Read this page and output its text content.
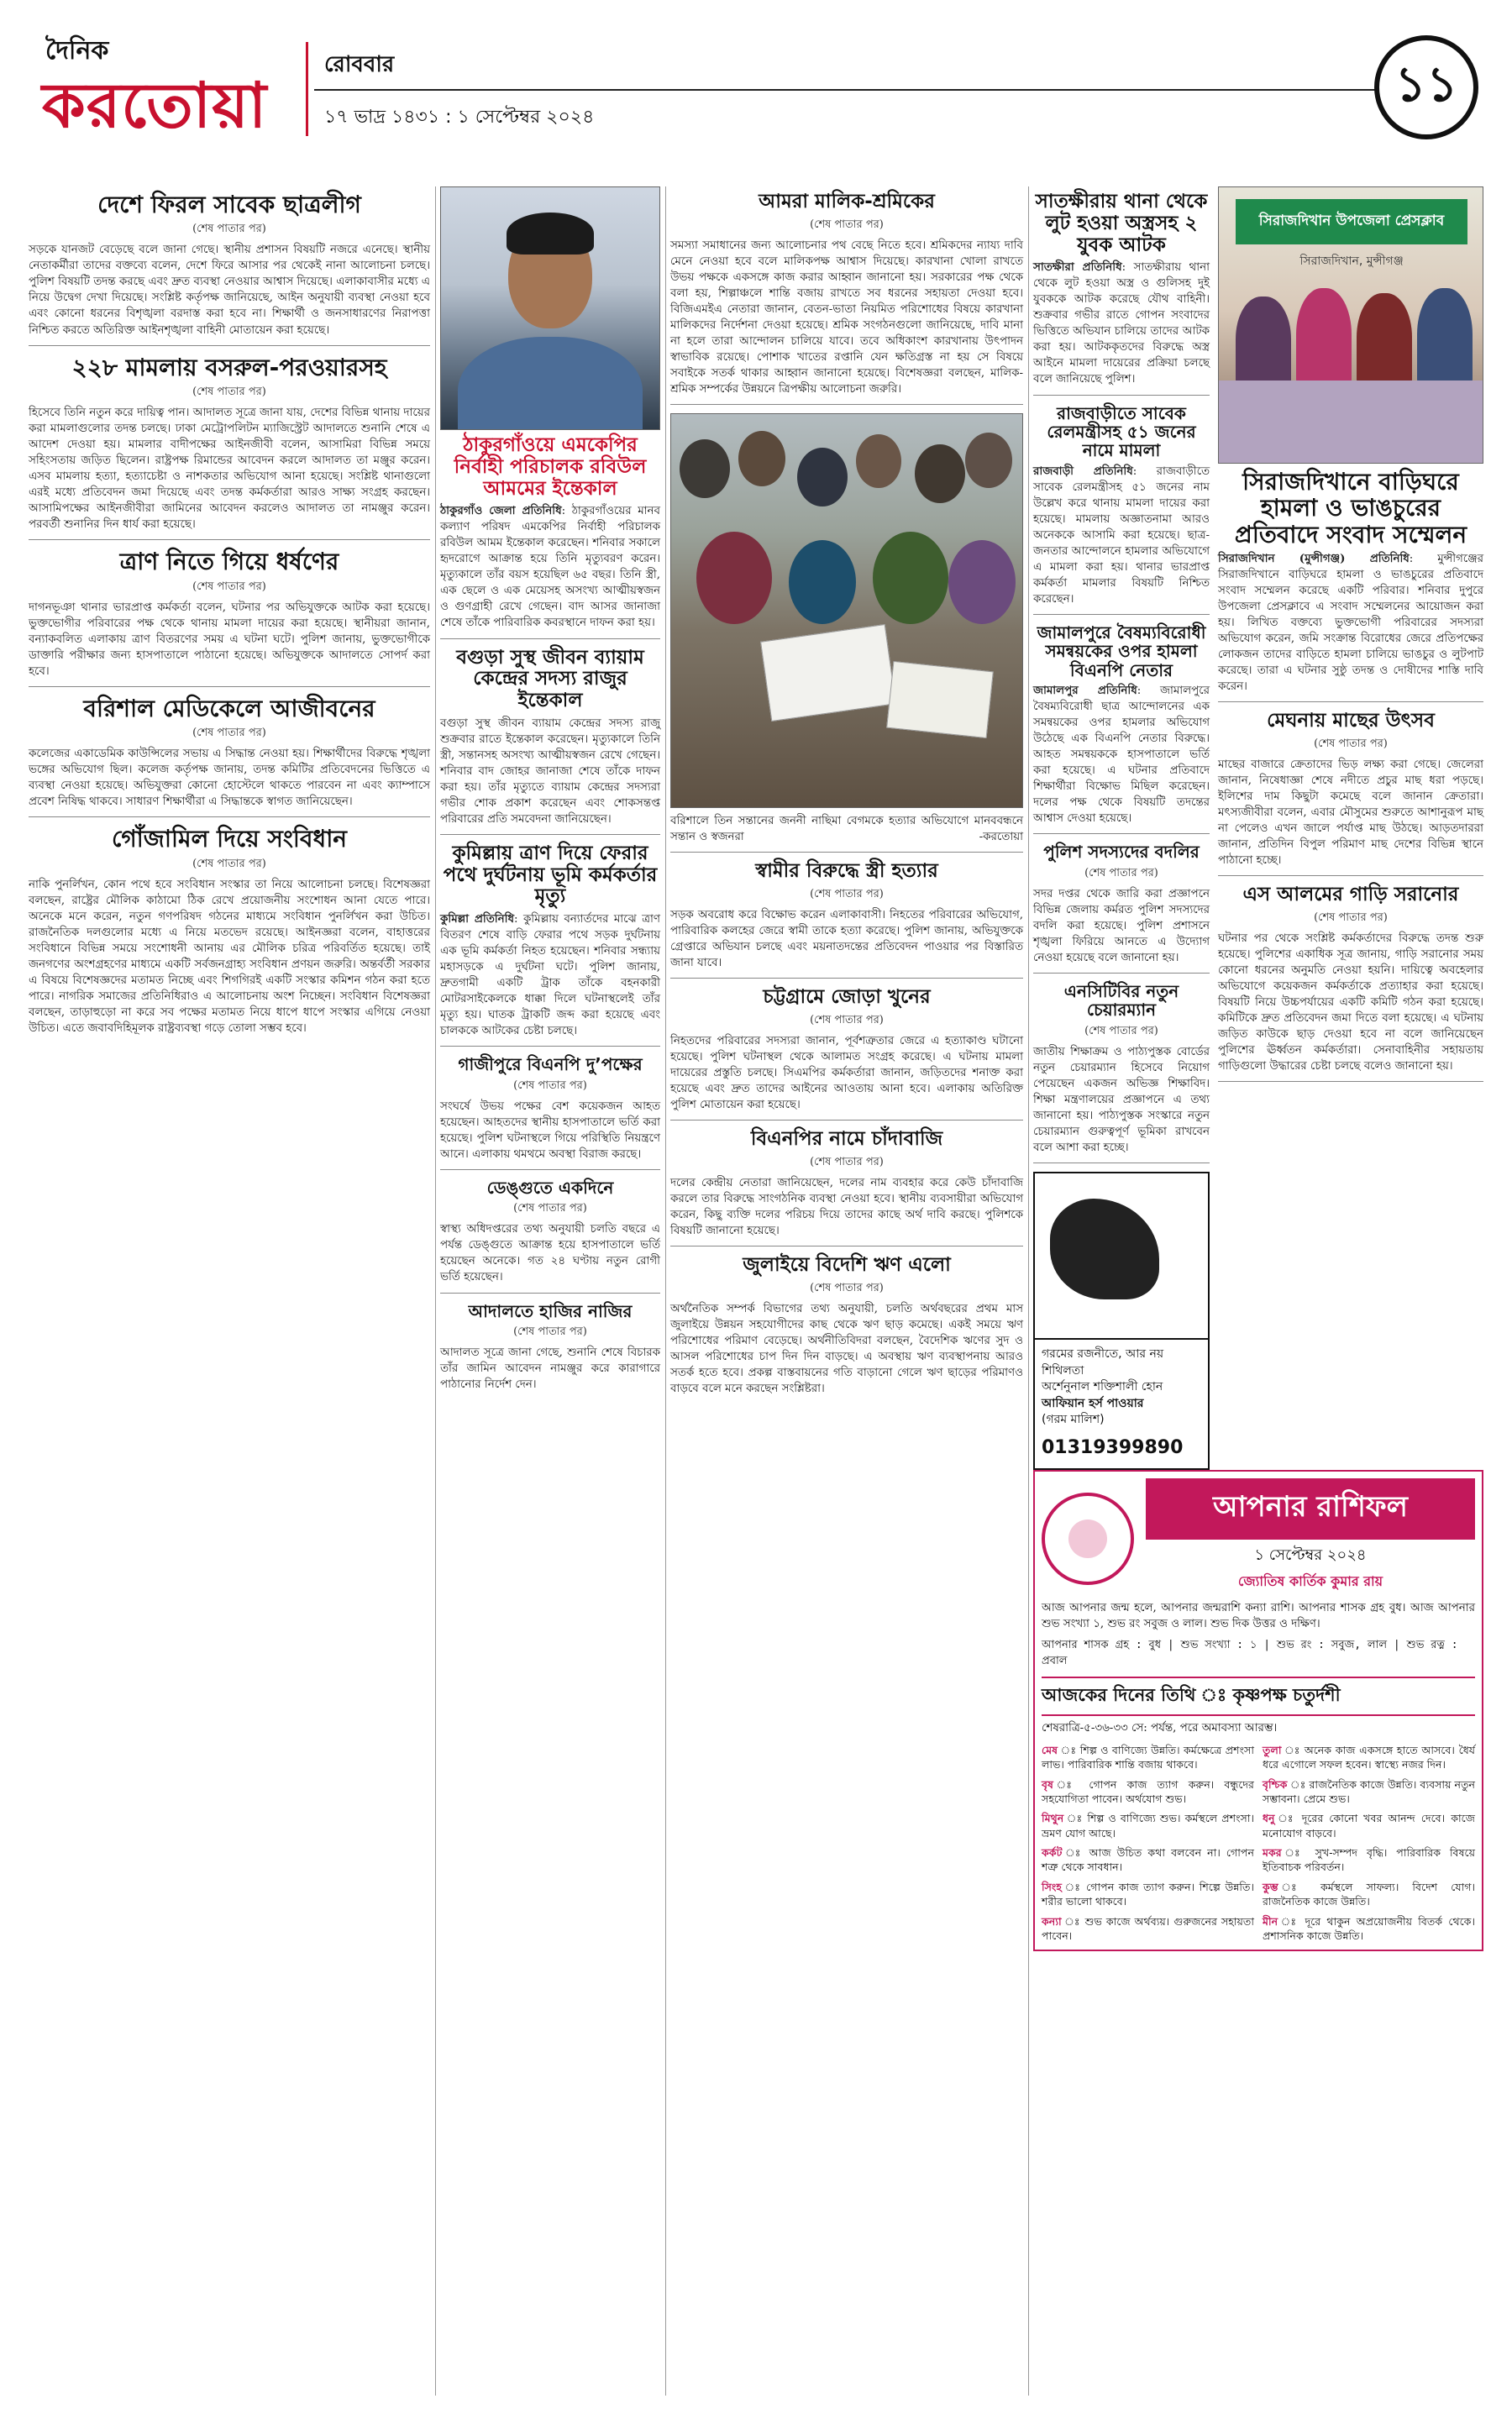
দৈনিক
করতোয়া
রোববার
১৭ ভাদ্র ১৪৩১ : ১ সেপ্টেম্বর ২০২৪
১১
দেশে ফিরল সাবেক ছাত্রলীগ
(শেষ পাতার পর)
সড়কে যানজট বেড়েছে বলে জানা গেছে। স্থানীয় প্রশাসন বিষয়টি নজরে এনেছে। স্থানীয় নেতাকর্মীরা তাদের বক্তব্যে বলেন, দেশে ফিরে আসার পর থেকেই নানা আলোচনা চলছে। পুলিশ বিষয়টি তদন্ত করছে এবং দ্রুত ব্যবস্থা নেওয়ার আশ্বাস দিয়েছে। এলাকাবাসীর মধ্যে এ নিয়ে উদ্বেগ দেখা দিয়েছে। সংশ্লিষ্ট কর্তৃপক্ষ জানিয়েছে, আইন অনুযায়ী ব্যবস্থা নেওয়া হবে এবং কোনো ধরনের বিশৃঙ্খলা বরদাস্ত করা হবে না। শিক্ষার্থী ও জনসাধারণের নিরাপত্তা নিশ্চিত করতে অতিরিক্ত আইনশৃঙ্খলা বাহিনী মোতায়েন করা হয়েছে।
২২৮ মামলায় বসরুল-পরওয়ারসহ
(শেষ পাতার পর)
হিসেবে তিনি নতুন করে দায়িত্ব পান। আদালত সূত্রে জানা যায়, দেশের বিভিন্ন থানায় দায়ের করা মামলাগুলোর তদন্ত চলছে। ঢাকা মেট্রোপলিটন ম্যাজিস্ট্রেট আদালতে শুনানি শেষে এ আদেশ দেওয়া হয়। মামলার বাদীপক্ষের আইনজীবী বলেন, আসামিরা বিভিন্ন সময়ে সহিংসতায় জড়িত ছিলেন। রাষ্ট্রপক্ষ রিমান্ডের আবেদন করলে আদালত তা মঞ্জুর করেন। এসব মামলায় হত্যা, হত্যাচেষ্টা ও নাশকতার অভিযোগ আনা হয়েছে। সংশ্লিষ্ট থানাগুলো এরই মধ্যে প্রতিবেদন জমা দিয়েছে এবং তদন্ত কর্মকর্তারা আরও সাক্ষ্য সংগ্রহ করছেন। আসামিপক্ষের আইনজীবীরা জামিনের আবেদন করলেও আদালত তা নামঞ্জুর করেন। পরবর্তী শুনানির দিন ধার্য করা হয়েছে।
ত্রাণ নিতে গিয়ে ধর্ষণের
(শেষ পাতার পর)
দাগনভূঞা থানার ভারপ্রাপ্ত কর্মকর্তা বলেন, ঘটনার পর অভিযুক্তকে আটক করা হয়েছে। ভুক্তভোগীর পরিবারের পক্ষ থেকে থানায় মামলা দায়ের করা হয়েছে। স্থানীয়রা জানান, বন্যাকবলিত এলাকায় ত্রাণ বিতরণের সময় এ ঘটনা ঘটে। পুলিশ জানায়, ভুক্তভোগীকে ডাক্তারি পরীক্ষার জন্য হাসপাতালে পাঠানো হয়েছে। অভিযুক্তকে আদালতে সোপর্দ করা হবে।
বরিশাল মেডিকেলে আজীবনের
(শেষ পাতার পর)
কলেজের একাডেমিক কাউন্সিলের সভায় এ সিদ্ধান্ত নেওয়া হয়। শিক্ষার্থীদের বিরুদ্ধে শৃঙ্খলা ভঙ্গের অভিযোগ ছিল। কলেজ কর্তৃপক্ষ জানায়, তদন্ত কমিটির প্রতিবেদনের ভিত্তিতে এ ব্যবস্থা নেওয়া হয়েছে। অভিযুক্তরা কোনো হোস্টেলে থাকতে পারবেন না এবং ক্যাম্পাসে প্রবেশ নিষিদ্ধ থাকবে। সাধারণ শিক্ষার্থীরা এ সিদ্ধান্তকে স্বাগত জানিয়েছেন।
গোঁজামিল দিয়ে সংবিধান
(শেষ পাতার পর)
নাকি পুনর্লিখন, কোন পথে হবে সংবিধান সংস্কার তা নিয়ে আলোচনা চলছে। বিশেষজ্ঞরা বলছেন, রাষ্ট্রের মৌলিক কাঠামো ঠিক রেখে প্রয়োজনীয় সংশোধন আনা যেতে পারে। অনেকে মনে করেন, নতুন গণপরিষদ গঠনের মাধ্যমে সংবিধান পুনর্লিখন করা উচিত। রাজনৈতিক দলগুলোর মধ্যে এ নিয়ে মতভেদ রয়েছে। আইনজ্ঞরা বলেন, বাহাত্তরের সংবিধানে বিভিন্ন সময়ে সংশোধনী আনায় এর মৌলিক চরিত্র পরিবর্তিত হয়েছে। তাই জনগণের অংশগ্রহণের মাধ্যমে একটি সর্বজনগ্রাহ্য সংবিধান প্রণয়ন জরুরি। অন্তর্বর্তী সরকার এ বিষয়ে বিশেষজ্ঞদের মতামত নিচ্ছে এবং শিগগিরই একটি সংস্কার কমিশন গঠন করা হতে পারে। নাগরিক সমাজের প্রতিনিধিরাও এ আলোচনায় অংশ নিচ্ছেন। সংবিধান বিশেষজ্ঞরা বলছেন, তাড়াহুড়ো না করে সব পক্ষের মতামত নিয়ে ধাপে ধাপে সংস্কার এগিয়ে নেওয়া উচিত। এতে জবাবদিহিমূলক রাষ্ট্রব্যবস্থা গড়ে তোলা সম্ভব হবে।
ঠাকুরগাঁওয়ে এমকেপির নির্বাহী পরিচালক রবিউল আমমের ইন্তেকাল
ঠাকুরগাঁও জেলা প্রতিনিধি: ঠাকুরগাঁওয়ের মানব কল্যাণ পরিষদ এমকেপির নির্বাহী পরিচালক রবিউল আমম ইন্তেকাল করেছেন। শনিবার সকালে হৃদরোগে আক্রান্ত হয়ে তিনি মৃত্যুবরণ করেন। মৃত্যুকালে তাঁর বয়স হয়েছিল ৬৫ বছর। তিনি স্ত্রী, এক ছেলে ও এক মেয়েসহ অসংখ্য আত্মীয়স্বজন ও গুণগ্রাহী রেখে গেছেন। বাদ আসর জানাজা শেষে তাঁকে পারিবারিক কবরস্থানে দাফন করা হয়।
বগুড়া সুস্থ জীবন ব্যায়াম কেন্দ্রের সদস্য রাজুর ইন্তেকাল
বগুড়া সুস্থ জীবন ব্যায়াম কেন্দ্রের সদস্য রাজু শুক্রবার রাতে ইন্তেকাল করেছেন। মৃত্যুকালে তিনি স্ত্রী, সন্তানসহ অসংখ্য আত্মীয়স্বজন রেখে গেছেন। শনিবার বাদ জোহর জানাজা শেষে তাঁকে দাফন করা হয়। তাঁর মৃত্যুতে ব্যায়াম কেন্দ্রের সদস্যরা গভীর শোক প্রকাশ করেছেন এবং শোকসন্তপ্ত পরিবারের প্রতি সমবেদনা জানিয়েছেন।
কুমিল্লায় ত্রাণ দিয়ে ফেরার পথে দুর্ঘটনায় ভূমি কর্মকর্তার মৃত্যু
কুমিল্লা প্রতিনিধি: কুমিল্লায় বন্যার্তদের মাঝে ত্রাণ বিতরণ শেষে বাড়ি ফেরার পথে সড়ক দুর্ঘটনায় এক ভূমি কর্মকর্তা নিহত হয়েছেন। শনিবার সন্ধ্যায় মহাসড়কে এ দুর্ঘটনা ঘটে। পুলিশ জানায়, দ্রুতগামী একটি ট্রাক তাঁকে বহনকারী মোটরসাইকেলকে ধাক্কা দিলে ঘটনাস্থলেই তাঁর মৃত্যু হয়। ঘাতক ট্রাকটি জব্দ করা হয়েছে এবং চালককে আটকের চেষ্টা চলছে।
গাজীপুরে বিএনপি দু’পক্ষের
(শেষ পাতার পর)
সংঘর্ষে উভয় পক্ষের বেশ কয়েকজন আহত হয়েছেন। আহতদের স্থানীয় হাসপাতালে ভর্তি করা হয়েছে। পুলিশ ঘটনাস্থলে গিয়ে পরিস্থিতি নিয়ন্ত্রণে আনে। এলাকায় থমথমে অবস্থা বিরাজ করছে।
ডেঙ্গুতে একদিনে
(শেষ পাতার পর)
স্বাস্থ্য অধিদপ্তরের তথ্য অনুযায়ী চলতি বছরে এ পর্যন্ত ডেঙ্গুতে আক্রান্ত হয়ে হাসপাতালে ভর্তি হয়েছেন অনেকে। গত ২৪ ঘণ্টায় নতুন রোগী ভর্তি হয়েছেন।
আদালতে হাজির নাজির
(শেষ পাতার পর)
আদালত সূত্রে জানা গেছে, শুনানি শেষে বিচারক তাঁর জামিন আবেদন নামঞ্জুর করে কারাগারে পাঠানোর নির্দেশ দেন।
আমরা মালিক-শ্রমিকের
(শেষ পাতার পর)
সমস্যা সমাধানের জন্য আলোচনার পথ বেছে নিতে হবে। শ্রমিকদের ন্যায্য দাবি মেনে নেওয়া হবে বলে মালিকপক্ষ আশ্বাস দিয়েছে। কারখানা খোলা রাখতে উভয় পক্ষকে একসঙ্গে কাজ করার আহ্বান জানানো হয়। সরকারের পক্ষ থেকে বলা হয়, শিল্পাঞ্চলে শান্তি বজায় রাখতে সব ধরনের সহায়তা দেওয়া হবে। বিজিএমইএ নেতারা জানান, বেতন-ভাতা নিয়মিত পরিশোধের বিষয়ে কারখানা মালিকদের নির্দেশনা দেওয়া হয়েছে। শ্রমিক সংগঠনগুলো জানিয়েছে, দাবি মানা না হলে তারা আন্দোলন চালিয়ে যাবে। তবে অধিকাংশ কারখানায় উৎপাদন স্বাভাবিক রয়েছে। পোশাক খাতের রপ্তানি যেন ক্ষতিগ্রস্ত না হয় সে বিষয়ে সবাইকে সতর্ক থাকার আহ্বান জানানো হয়েছে। বিশেষজ্ঞরা বলছেন, মালিক-শ্রমিক সম্পর্কের উন্নয়নে ত্রিপক্ষীয় আলোচনা জরুরি।
বরিশালে তিন সন্তানের জননী নাছিমা বেগমকে হত্যার অভিযোগে মানববন্ধনে সন্তান ও স্বজনরা	-করতোয়া
স্বামীর বিরুদ্ধে স্ত্রী হত্যার
(শেষ পাতার পর)
সড়ক অবরোধ করে বিক্ষোভ করেন এলাকাবাসী। নিহতের পরিবারের অভিযোগ, পারিবারিক কলহের জেরে স্বামী তাকে হত্যা করেছে। পুলিশ জানায়, অভিযুক্তকে গ্রেপ্তারে অভিযান চলছে এবং ময়নাতদন্তের প্রতিবেদন পাওয়ার পর বিস্তারিত জানা যাবে।
চট্টগ্রামে জোড়া খুনের
(শেষ পাতার পর)
নিহতদের পরিবারের সদস্যরা জানান, পূর্বশত্রুতার জেরে এ হত্যাকাণ্ড ঘটানো হয়েছে। পুলিশ ঘটনাস্থল থেকে আলামত সংগ্রহ করেছে। এ ঘটনায় মামলা দায়েরের প্রস্তুতি চলছে। সিএমপির কর্মকর্তারা জানান, জড়িতদের শনাক্ত করা হয়েছে এবং দ্রুত তাদের আইনের আওতায় আনা হবে। এলাকায় অতিরিক্ত পুলিশ মোতায়েন করা হয়েছে।
বিএনপির নামে চাঁদাবাজি
(শেষ পাতার পর)
দলের কেন্দ্রীয় নেতারা জানিয়েছেন, দলের নাম ব্যবহার করে কেউ চাঁদাবাজি করলে তার বিরুদ্ধে সাংগঠনিক ব্যবস্থা নেওয়া হবে। স্থানীয় ব্যবসায়ীরা অভিযোগ করেন, কিছু ব্যক্তি দলের পরিচয় দিয়ে তাদের কাছে অর্থ দাবি করছে। পুলিশকে বিষয়টি জানানো হয়েছে।
জুলাইয়ে বিদেশি ঋণ এলো
(শেষ পাতার পর)
অর্থনৈতিক সম্পর্ক বিভাগের তথ্য অনুযায়ী, চলতি অর্থবছরের প্রথম মাস জুলাইয়ে উন্নয়ন সহযোগীদের কাছ থেকে ঋণ ছাড় কমেছে। একই সময়ে ঋণ পরিশোধের পরিমাণ বেড়েছে। অর্থনীতিবিদরা বলছেন, বৈদেশিক ঋণের সুদ ও আসল পরিশোধের চাপ দিন দিন বাড়ছে। এ অবস্থায় ঋণ ব্যবস্থাপনায় আরও সতর্ক হতে হবে। প্রকল্প বাস্তবায়নের গতি বাড়ানো গেলে ঋণ ছাড়ের পরিমাণও বাড়বে বলে মনে করছেন সংশ্লিষ্টরা।
সাতক্ষীরায় থানা থেকে লুট হওয়া অস্ত্রসহ ২ যুবক আটক
সাতক্ষীরা প্রতিনিধি: সাতক্ষীরায় থানা থেকে লুট হওয়া অস্ত্র ও গুলিসহ দুই যুবককে আটক করেছে যৌথ বাহিনী। শুক্রবার গভীর রাতে গোপন সংবাদের ভিত্তিতে অভিযান চালিয়ে তাদের আটক করা হয়। আটককৃতদের বিরুদ্ধে অস্ত্র আইনে মামলা দায়েরের প্রক্রিয়া চলছে বলে জানিয়েছে পুলিশ।
রাজবাড়ীতে সাবেক রেলমন্ত্রীসহ ৫১ জনের নামে মামলা
রাজবাড়ী প্রতিনিধি: রাজবাড়ীতে সাবেক রেলমন্ত্রীসহ ৫১ জনের নাম উল্লেখ করে থানায় মামলা দায়ের করা হয়েছে। মামলায় অজ্ঞাতনামা আরও অনেককে আসামি করা হয়েছে। ছাত্র-জনতার আন্দোলনে হামলার অভিযোগে এ মামলা করা হয়। থানার ভারপ্রাপ্ত কর্মকর্তা মামলার বিষয়টি নিশ্চিত করেছেন।
জামালপুরে বৈষম্যবিরোধী সমন্বয়কের ওপর হামলা বিএনপি নেতার
জামালপুর প্রতিনিধি: জামালপুরে বৈষম্যবিরোধী ছাত্র আন্দোলনের এক সমন্বয়কের ওপর হামলার অভিযোগ উঠেছে এক বিএনপি নেতার বিরুদ্ধে। আহত সমন্বয়ককে হাসপাতালে ভর্তি করা হয়েছে। এ ঘটনার প্রতিবাদে শিক্ষার্থীরা বিক্ষোভ মিছিল করেছেন। দলের পক্ষ থেকে বিষয়টি তদন্তের আশ্বাস দেওয়া হয়েছে।
পুলিশ সদস্যদের বদলির
(শেষ পাতার পর)
সদর দপ্তর থেকে জারি করা প্রজ্ঞাপনে বিভিন্ন জেলায় কর্মরত পুলিশ সদস্যদের বদলি করা হয়েছে। পুলিশ প্রশাসনে শৃঙ্খলা ফিরিয়ে আনতে এ উদ্যোগ নেওয়া হয়েছে বলে জানানো হয়।
এনসিটিবির নতুন চেয়ারম্যান
(শেষ পাতার পর)
জাতীয় শিক্ষাক্রম ও পাঠ্যপুস্তক বোর্ডের নতুন চেয়ারম্যান হিসেবে নিয়োগ পেয়েছেন একজন অভিজ্ঞ শিক্ষাবিদ। শিক্ষা মন্ত্রণালয়ের প্রজ্ঞাপনে এ তথ্য জানানো হয়। পাঠ্যপুস্তক সংস্কারে নতুন চেয়ারম্যান গুরুত্বপূর্ণ ভূমিকা রাখবেন বলে আশা করা হচ্ছে।
গরমের রজনীতে, আর নয় শিথিলতা
অর্শেনুনাল শক্তিশালী হোন
আফিয়ান হর্স পাওয়ার
(গরম মালিশ)
01319399890
সিরাজদিখান উপজেলা প্রেসক্লাব
সিরাজদিখান, মুন্সীগঞ্জ
সিরাজদিখানে বাড়িঘরে হামলা ও ভাঙচুরের প্রতিবাদে সংবাদ সম্মেলন
সিরাজদিখান (মুন্সীগঞ্জ) প্রতিনিধি: মুন্সীগঞ্জের সিরাজদিখানে বাড়িঘরে হামলা ও ভাঙচুরের প্রতিবাদে সংবাদ সম্মেলন করেছে একটি পরিবার। শনিবার দুপুরে উপজেলা প্রেসক্লাবে এ সংবাদ সম্মেলনের আয়োজন করা হয়। লিখিত বক্তব্যে ভুক্তভোগী পরিবারের সদস্যরা অভিযোগ করেন, জমি সংক্রান্ত বিরোধের জেরে প্রতিপক্ষের লোকজন তাদের বাড়িতে হামলা চালিয়ে ভাঙচুর ও লুটপাট করেছে। তারা এ ঘটনার সুষ্ঠু তদন্ত ও দোষীদের শাস্তি দাবি করেন।
মেঘনায় মাছের উৎসব
(শেষ পাতার পর)
মাছের বাজারে ক্রেতাদের ভিড় লক্ষ্য করা গেছে। জেলেরা জানান, নিষেধাজ্ঞা শেষে নদীতে প্রচুর মাছ ধরা পড়ছে। ইলিশের দাম কিছুটা কমেছে বলে জানান ক্রেতারা। মৎস্যজীবীরা বলেন, এবার মৌসুমের শুরুতে আশানুরূপ মাছ না পেলেও এখন জালে পর্যাপ্ত মাছ উঠছে। আড়তদাররা জানান, প্রতিদিন বিপুল পরিমাণ মাছ দেশের বিভিন্ন স্থানে পাঠানো হচ্ছে।
এস আলমের গাড়ি সরানোর
(শেষ পাতার পর)
ঘটনার পর থেকে সংশ্লিষ্ট কর্মকর্তাদের বিরুদ্ধে তদন্ত শুরু হয়েছে। পুলিশের একাধিক সূত্র জানায়, গাড়ি সরানোর সময় কোনো ধরনের অনুমতি নেওয়া হয়নি। দায়িত্বে অবহেলার অভিযোগে কয়েকজন কর্মকর্তাকে প্রত্যাহার করা হয়েছে। বিষয়টি নিয়ে উচ্চপর্যায়ের একটি কমিটি গঠন করা হয়েছে। কমিটিকে দ্রুত প্রতিবেদন জমা দিতে বলা হয়েছে। এ ঘটনায় জড়িত কাউকে ছাড় দেওয়া হবে না বলে জানিয়েছেন পুলিশের ঊর্ধ্বতন কর্মকর্তারা। সেনাবাহিনীর সহায়তায় গাড়িগুলো উদ্ধারের চেষ্টা চলছে বলেও জানানো হয়।
আপনার রাশিফল
১ সেপ্টেম্বর ২০২৪
জ্যোতিষ কার্তিক কুমার রায়
আজ আপনার জন্ম হলে, আপনার জন্মরাশি কন্যা রাশি। আপনার শাসক গ্রহ বুধ। আজ আপনার শুভ সংখ্যা ১, শুভ রং সবুজ ও লাল। শুভ দিক উত্তর ও দক্ষিণ।
আপনার শাসক গ্রহ : বুধ | শুভ সংখ্যা : ১ | শুভ রং : সবুজ, লাল | শুভ রত্ন : প্রবাল
আজকের দিনের তিথি ঃ কৃষ্ণপক্ষ চতুর্দশী
শেষরাত্রি-৫-৩৬-৩৩ সে: পর্যন্ত, পরে অমাবস্যা আরম্ভ।
মেষ ঃ শিল্প ও বাণিজ্যে উন্নতি। কর্মক্ষেত্রে প্রশংসা লাভ। পারিবারিক শান্তি বজায় থাকবে।
তুলা ঃ অনেক কাজ একসঙ্গে হাতে আসবে। ধৈর্য ধরে এগোলে সফল হবেন। স্বাস্থ্যে নজর দিন।
বৃষ ঃ গোপন কাজ ত্যাগ করুন। বন্ধুদের সহযোগিতা পাবেন। অর্থযোগ শুভ।
বৃশ্চিক ঃ রাজনৈতিক কাজে উন্নতি। ব্যবসায় নতুন সম্ভাবনা। প্রেমে শুভ।
মিথুন ঃ শিল্প ও বাণিজ্যে শুভ। কর্মস্থলে প্রশংসা। ভ্রমণ যোগ আছে।
ধনু ঃ দূরের কোনো খবর আনন্দ দেবে। কাজে মনোযোগ বাড়বে।
কর্কট ঃ আজ উচিত কথা বলবেন না। গোপন শত্রু থেকে সাবধান।
মকর ঃ সুখ-সম্পদ বৃদ্ধি। পারিবারিক বিষয়ে ইতিবাচক পরিবর্তন।
সিংহ ঃ গোপন কাজ ত্যাগ করুন। শিল্পে উন্নতি। শরীর ভালো থাকবে।
কুম্ভ ঃ কর্মস্থলে সাফল্য। বিদেশ যোগ। রাজনৈতিক কাজে উন্নতি।
কন্যা ঃ শুভ কাজে অর্থব্যয়। গুরুজনের সহায়তা পাবেন।
মীন ঃ দূরে থাকুন অপ্রয়োজনীয় বিতর্ক থেকে। প্রশাসনিক কাজে উন্নতি।
